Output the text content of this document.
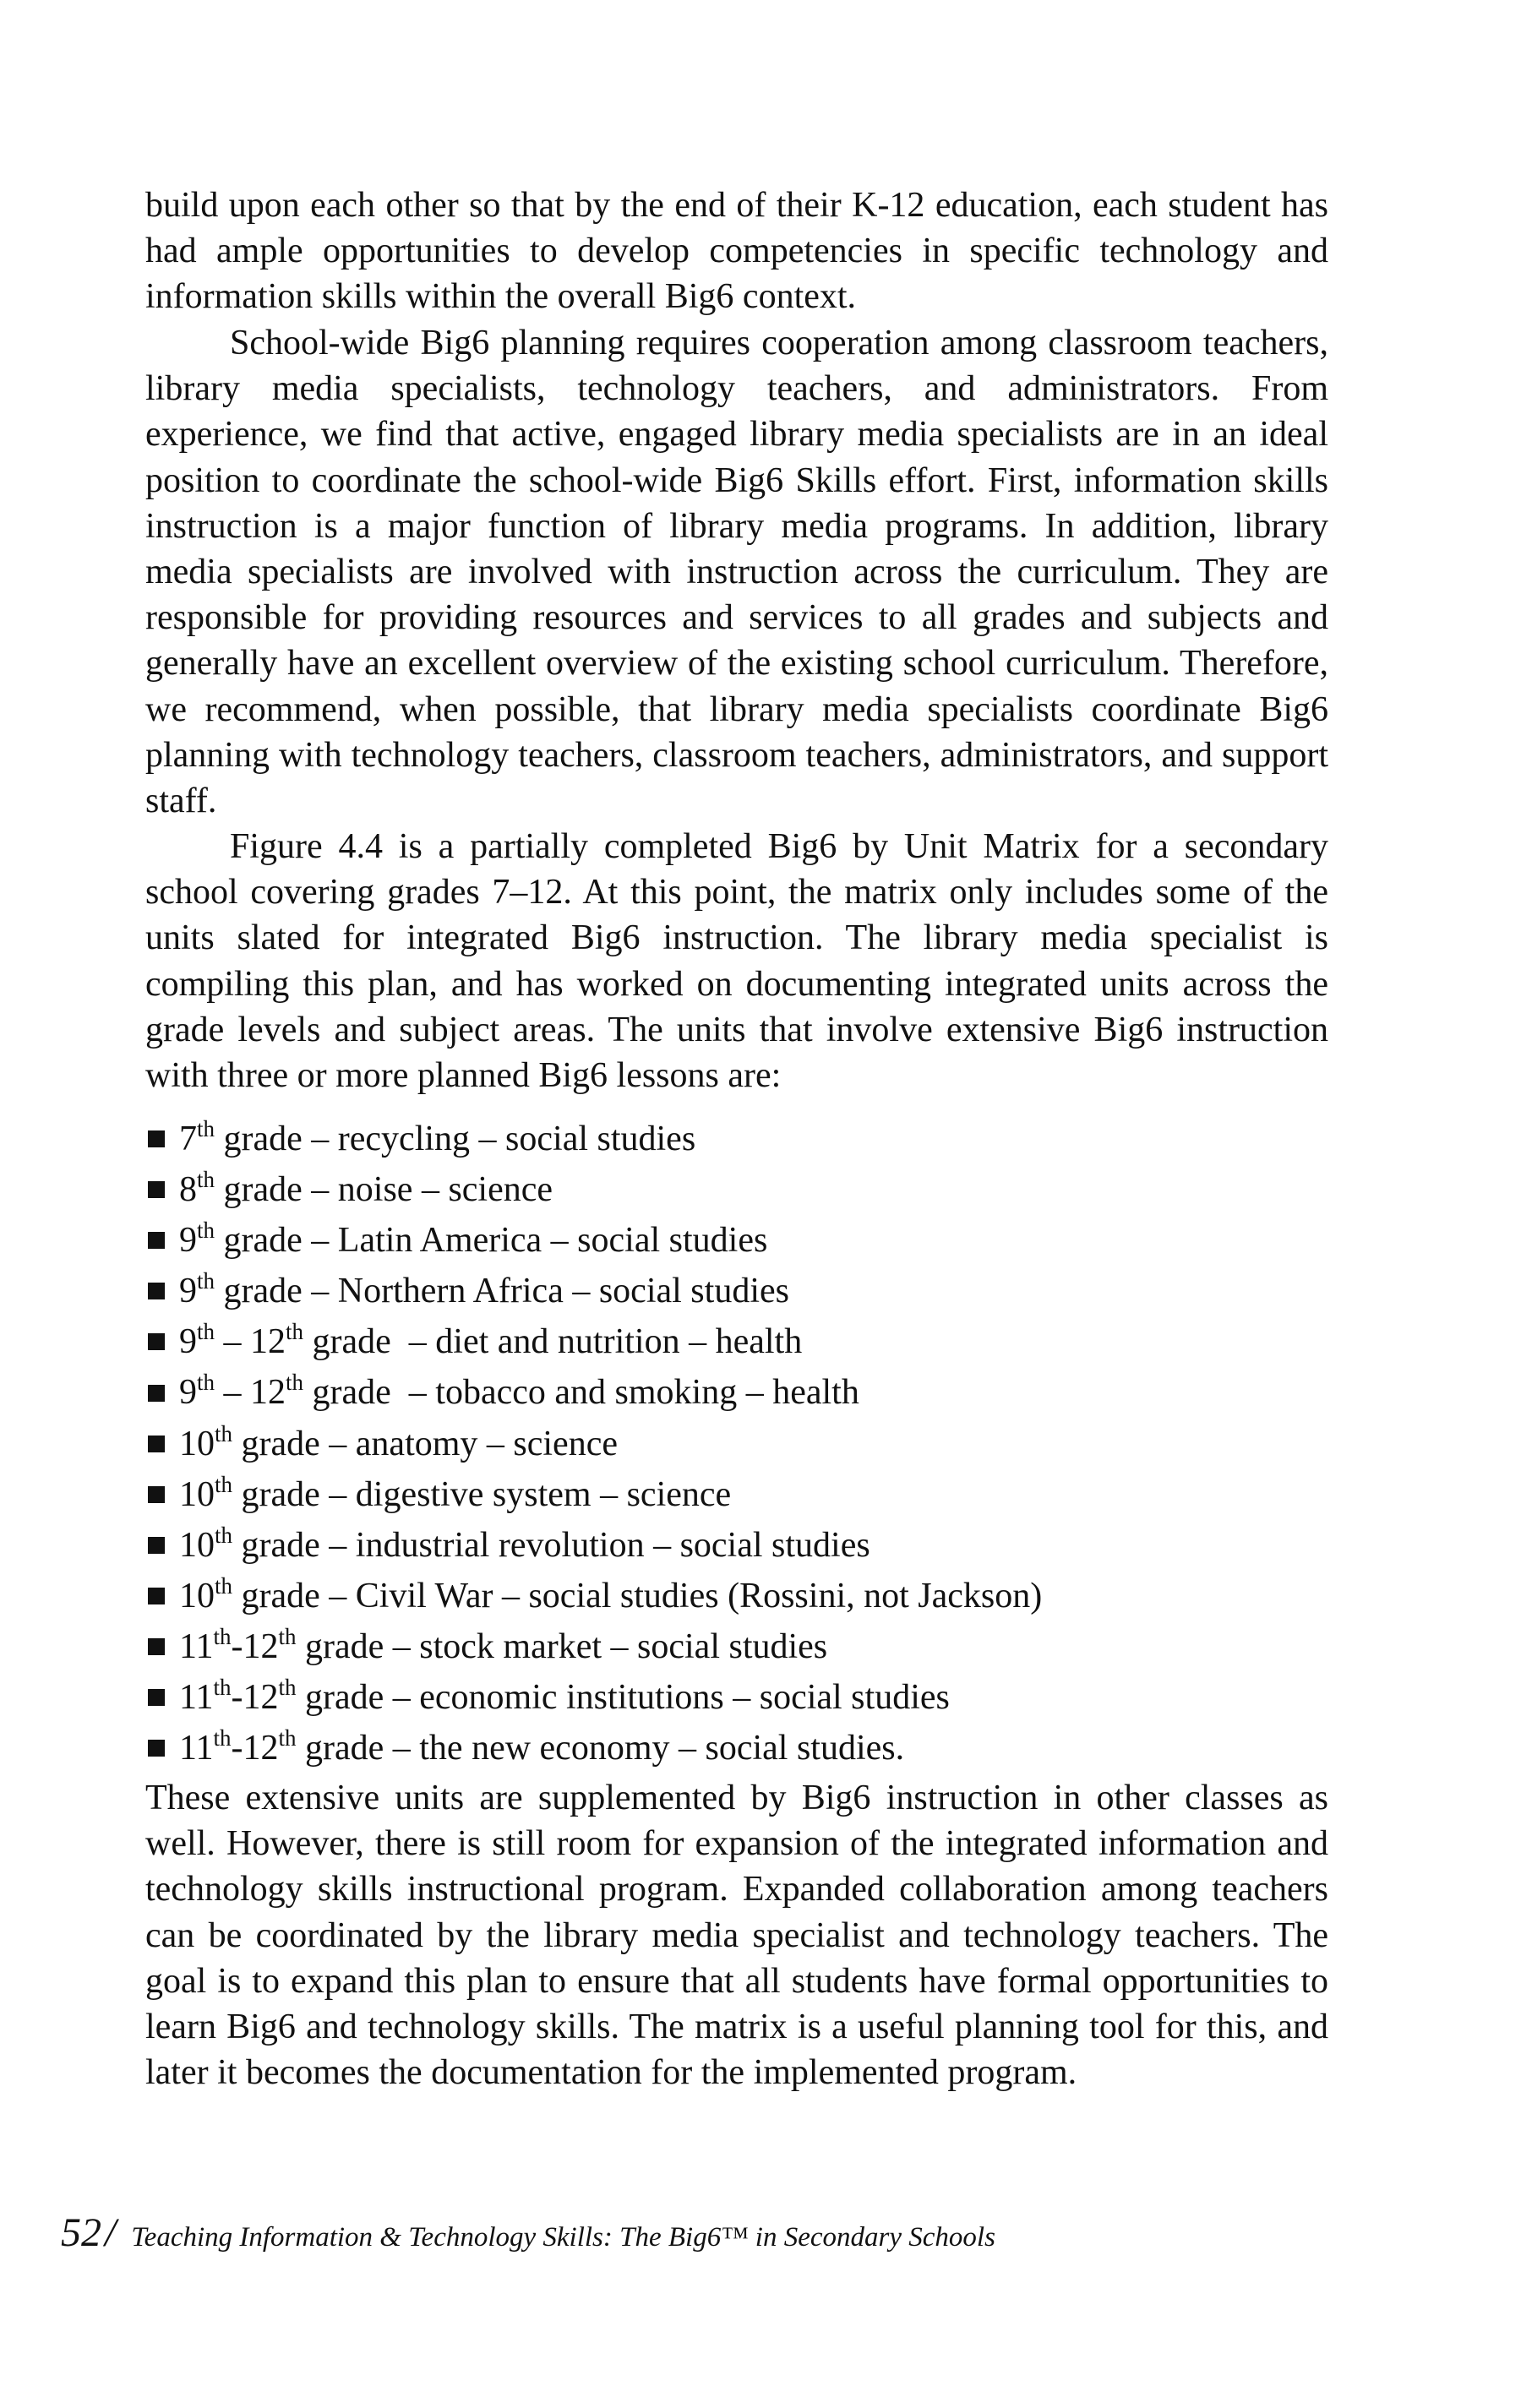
build upon each other so that by the end of their K-12 education, each student has had ample opportunities to develop competencies in specific technology and information skills within the overall Big6 context.

School-wide Big6 planning requires cooperation among classroom teachers, library media specialists, technology teachers, and administrators. From experience, we find that active, engaged library media specialists are in an ideal position to coordinate the school-wide Big6 Skills effort. First, information skills instruction is a major function of library media programs. In addition, library media specialists are involved with instruction across the curriculum. They are responsible for providing resources and services to all grades and subjects and generally have an excellent overview of the existing school curriculum. Therefore, we recommend, when possible, that library media specialists coordinate Big6 planning with technology teachers, classroom teachers, administrators, and support staff.

Figure 4.4 is a partially completed Big6 by Unit Matrix for a secondary school covering grades 7–12. At this point, the matrix only includes some of the units slated for integrated Big6 instruction. The library media specialist is compiling this plan, and has worked on documenting integrated units across the grade levels and subject areas. The units that involve extensive Big6 instruction with three or more planned Big6 lessons are:

7th grade – recycling – social studies
8th grade – noise – science
9th grade – Latin America – social studies
9th grade – Northern Africa – social studies
9th – 12th grade  – diet and nutrition – health
9th – 12th grade  – tobacco and smoking – health
10th grade – anatomy – science
10th grade – digestive system – science
10th grade – industrial revolution – social studies
10th grade – Civil War – social studies (Rossini, not Jackson)
11th - 12th grade – stock market – social studies
11th - 12th grade – economic institutions – social studies
11th - 12th grade – the new economy – social studies.

These extensive units are supplemented by Big6 instruction in other classes as well. However, there is still room for expansion of the integrated information and technology skills instructional program. Expanded collaboration among teachers can be coordinated by the library media specialist and technology teachers. The goal is to expand this plan to ensure that all students have formal opportunities to learn Big6 and technology skills. The matrix is a useful planning tool for this, and later it becomes the documentation for the implemented program.

52/ Teaching Information & Technology Skills: The Big6™ in Secondary Schools
